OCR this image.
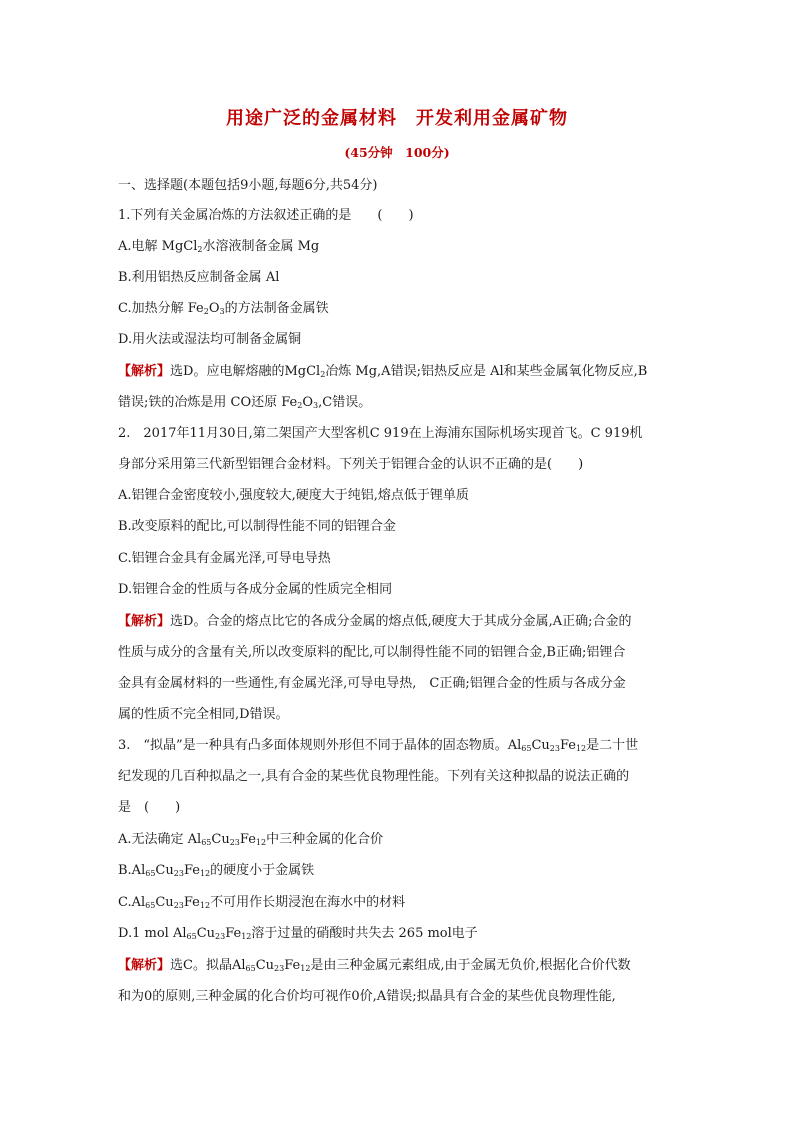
用途广泛的金属材料　开发利用金属矿物
(45分钟　100分)
一、选择题(本题包括9小题,每题6分,共54分)
1.下列有关金属冶炼的方法叙述正确的是　　(　　)
A.电解 MgCl$_2$水溶液制备金属 Mg
B.利用铝热反应制备金属 Al
C.加热分解 $Fe_2O_3$的方法制备金属铁
D.用火法或湿法均可制备金属铜
【解析】选D。应电解熔融的MgCl$_2$冶炼 Mg,A错误;铝热反应是 Al和某些金属氧化物反应,B
错误;铁的冶炼是用 CO还原 $Fe_2O_3,C$错误。
2.　2017年11月30日,第二架国产大型客机C 919在上海浦东国际机场实现首飞。C 919机
身部分采用第三代新型铝锂合金材料。下列关于铝锂合金的认识不正确的是(　　)
A.铝锂合金密度较小,强度较大,硬度大于纯铝,熔点低于锂单质
B.改变原料的配比,可以制得性能不同的铝锂合金
C.铝锂合金具有金属光泽,可导电导热
D.铝锂合金的性质与各成分金属的性质完全相同
【解析】选D。合金的熔点比它的各成分金属的熔点低,硬度大于其成分金属,A正确;合金的
性质与成分的含量有关,所以改变原料的配比,可以制得性能不同的铝锂合金,B正确;铝锂合
金具有金属材料的一些通性,有金属光泽,可导电导热,　C正确;铝锂合金的性质与各成分金
属的性质不完全相同,D错误。
3.　“拟晶”是一种具有凸多面体规则外形但不同于晶体的固态物质。$Al_{65}Cu_{23}Fe_{12}$是二十世
纪发现的几百种拟晶之一,具有合金的某些优良物理性能。下列有关这种拟晶的说法正确的
是　(　　)
A.无法确定 $Al_{65}Cu_{23}Fe_{12}$中三种金属的化合价
$B.Al_{65}Cu_{23}Fe_{12}$的硬度小于金属铁
$C.Al_{65}Cu_{23}Fe_{12}$不可用作长期浸泡在海水中的材料
D.1 mol $Al_{65}Cu_{23}Fe_{12}$溶于过量的硝酸时共失去 265 mol电子
【解析】选C。拟晶$Al_{65}Cu_{23}Fe_{12}$是由三种金属元素组成,由于金属无负价,根据化合价代数
和为0的原则,三种金属的化合价均可视作0价,A错误;拟晶具有合金的某些优良物理性能,
